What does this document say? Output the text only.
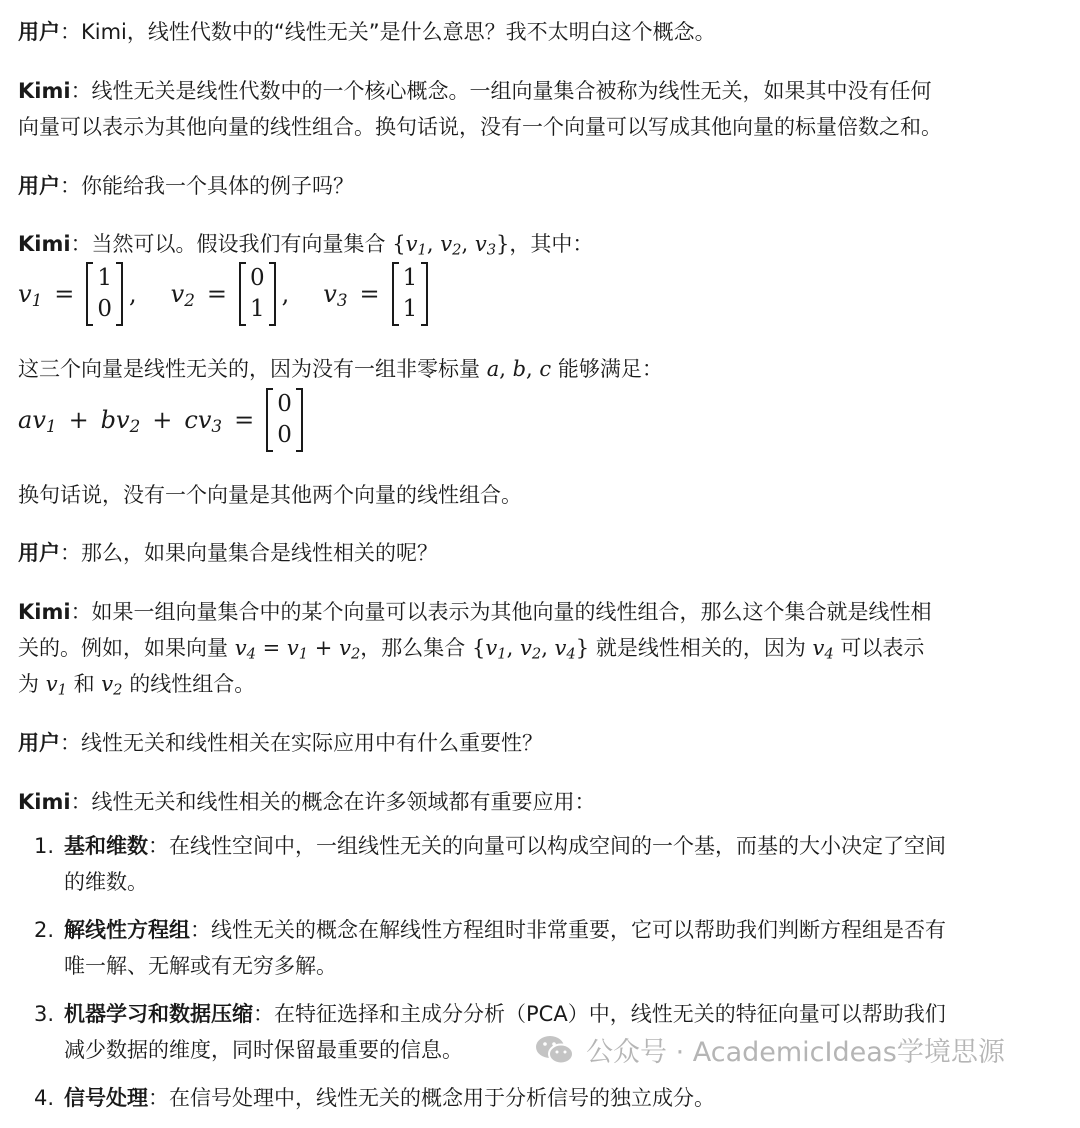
用户：Kimi，线性代数中的“线性无关”是什么意思？我不太明白这个概念。

Kimi：线性无关是线性代数中的一个核心概念。一组向量集合被称为线性无关，如果其中没有任何

向量可以表示为其他向量的线性组合。换句话说，没有一个向量可以写成其他向量的标量倍数之和。

用户：你能给我一个具体的例子吗？

Kimi：当然可以。假设我们有向量集合 {$v_1$, $v_2$, $v_3$}，其中：

$v_1$ =
1
0
, $v_2$ =
0
1
, $v_3$ =
1
1

这三个向量是线性无关的，因为没有一组非零标量 a, b, c 能够满足：

$av_1 + bv_2 + cv_3$ =
0
0

换句话说，没有一个向量是其他两个向量的线性组合。

用户：那么，如果向量集合是线性相关的呢？

Kimi：如果一组向量集合中的某个向量可以表示为其他向量的线性组合，那么这个集合就是线性相

关的。例如，如果向量 $v_4 = v_1 + v_2$，那么集合 {$v_1$, $v_2$, $v_4$} 就是线性相关的，因为 $v_4$ 可以表示

为 $v_1$ 和 $v_2$ 的线性组合。

用户：线性无关和线性相关在实际应用中有什么重要性？

Kimi：线性无关和线性相关的概念在许多领域都有重要应用：

1. 基和维数：在线性空间中，一组线性无关的向量可以构成空间的一个基，而基的大小决定了空间
的维数。
2. 解线性方程组：线性无关的概念在解线性方程组时非常重要，它可以帮助我们判断方程组是否有
唯一解、无解或有无穷多解。
3. 机器学习和数据压缩：在特征选择和主成分分析（PCA）中，线性无关的特征向量可以帮助我们
减少数据的维度，同时保留最重要的信息。
4. 信号处理：在信号处理中，线性无关的概念用于分析信号的独立成分。
公众号 · AcademicIdeas学境思源
